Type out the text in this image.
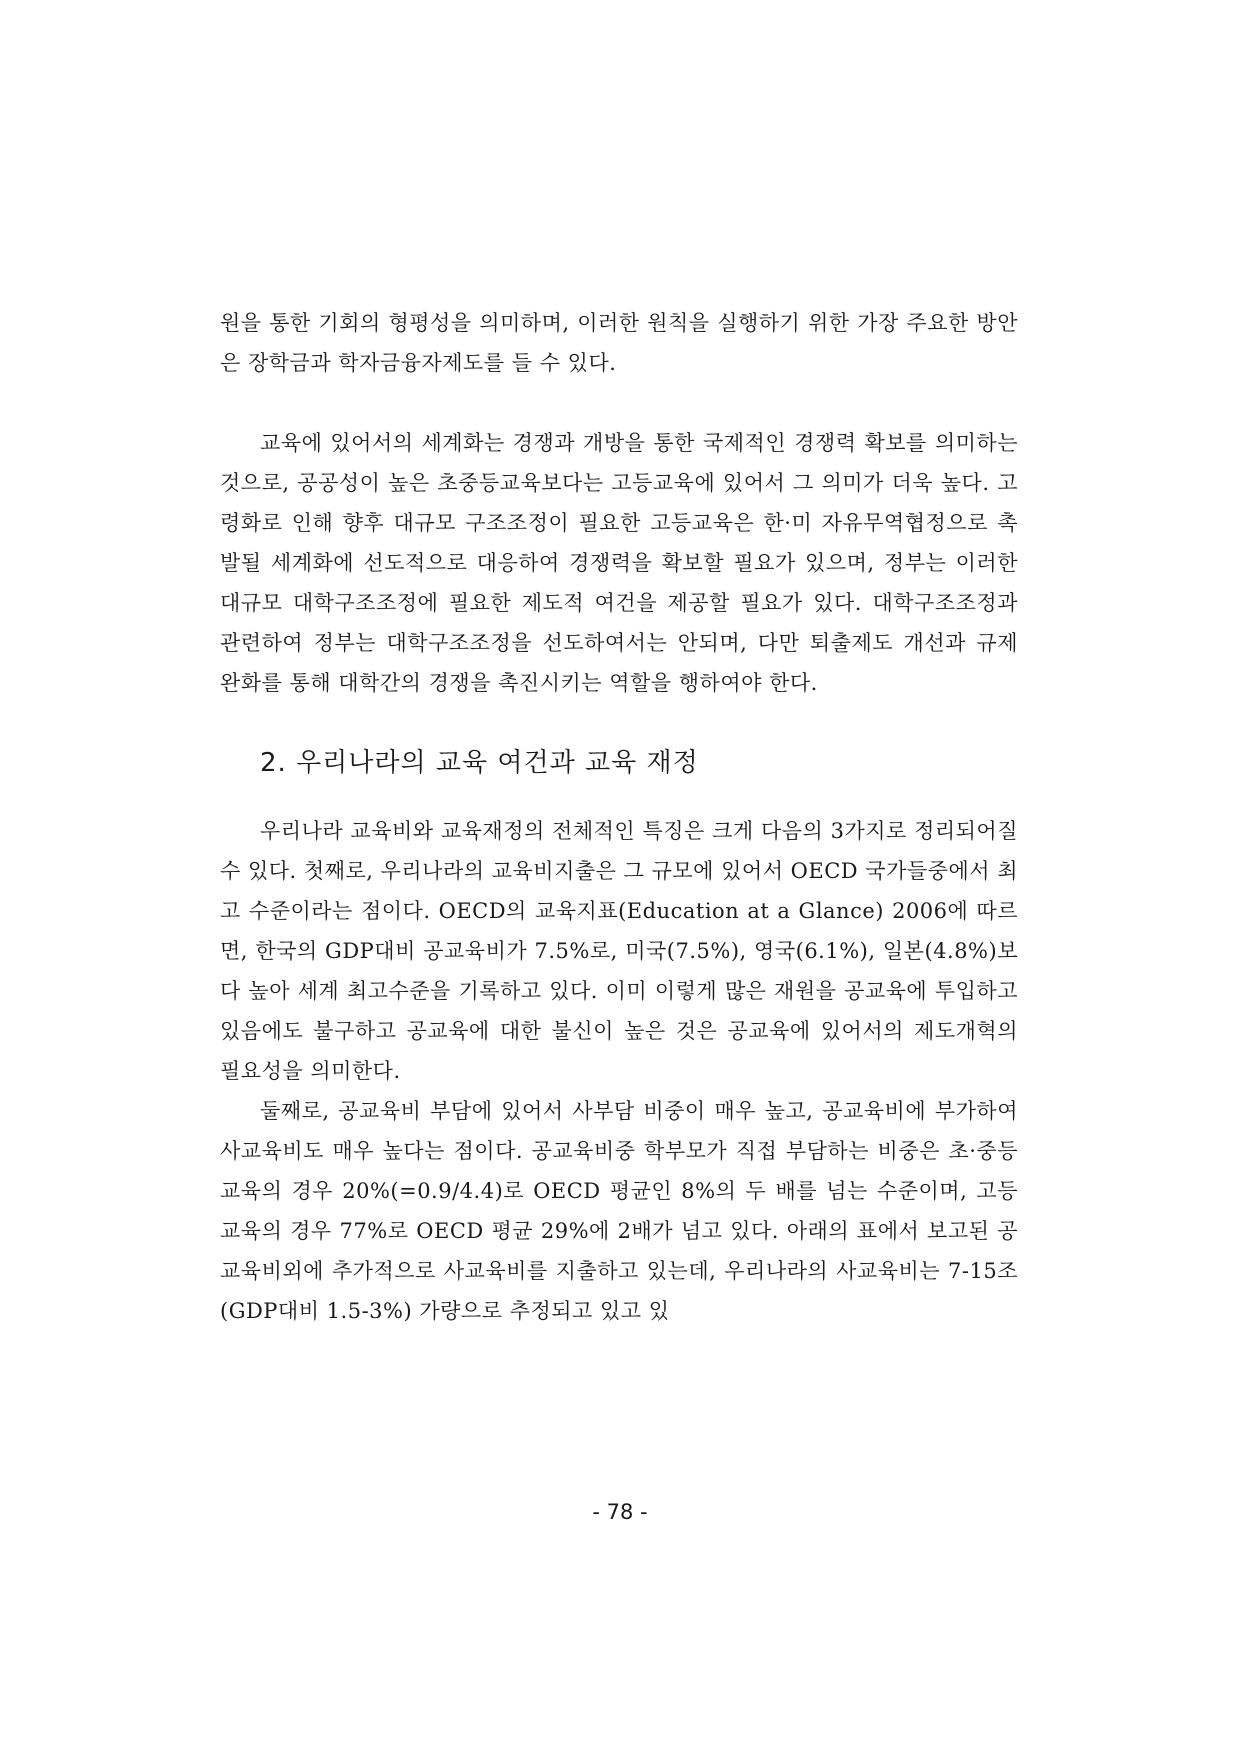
원을 통한 기회의 형평성을 의미하며, 이러한 원칙을 실행하기 위한 가장 주요한 방안은 장학금과 학자금융자제도를 들 수 있다.

교육에 있어서의 세계화는 경쟁과 개방을 통한 국제적인 경쟁력 확보를 의미하는 것으로, 공공성이 높은 초중등교육보다는 고등교육에 있어서 그 의미가 더욱 높다. 고령화로 인해 향후 대규모 구조조정이 필요한 고등교육은 한·미 자유무역협정으로 촉발될 세계화에 선도적으로 대응하여 경쟁력을 확보할 필요가 있으며, 정부는 이러한 대규모 대학구조조정에 필요한 제도적 여건을 제공할 필요가 있다. 대학구조조정과 관련하여 정부는 대학구조조정을 선도하여서는 안되며, 다만 퇴출제도 개선과 규제 완화를 통해 대학간의 경쟁을 촉진시키는 역할을 행하여야 한다.

2. 우리나라의 교육 여건과 교육 재정

우리나라 교육비와 교육재정의 전체적인 특징은 크게 다음의 3가지로 정리되어질 수 있다. 첫째로, 우리나라의 교육비지출은 그 규모에 있어서 OECD 국가들중에서 최고 수준이라는 점이다. OECD의 교육지표(Education at a Glance) 2006에 따르면, 한국의 GDP대비 공교육비가 7.5%로, 미국(7.5%), 영국(6.1%), 일본(4.8%)보다 높아 세계 최고수준을 기록하고 있다. 이미 이렇게 많은 재원을 공교육에 투입하고 있음에도 불구하고 공교육에 대한 불신이 높은 것은 공교육에 있어서의 제도개혁의 필요성을 의미한다.

둘째로, 공교육비 부담에 있어서 사부담 비중이 매우 높고, 공교육비에 부가하여 사교육비도 매우 높다는 점이다. 공교육비중 학부모가 직접 부담하는 비중은 초·중등교육의 경우 20%(=0.9/4.4)로 OECD 평균인 8%의 두 배를 넘는 수준이며, 고등교육의 경우 77%로 OECD 평균 29%에 2배가 넘고 있다. 아래의 표에서 보고된 공교육비외에 추가적으로 사교육비를 지출하고 있는데, 우리나라의 사교육비는 7-15조 (GDP대비 1.5-3%) 가량으로 추정되고 있고 있

- 78 -
